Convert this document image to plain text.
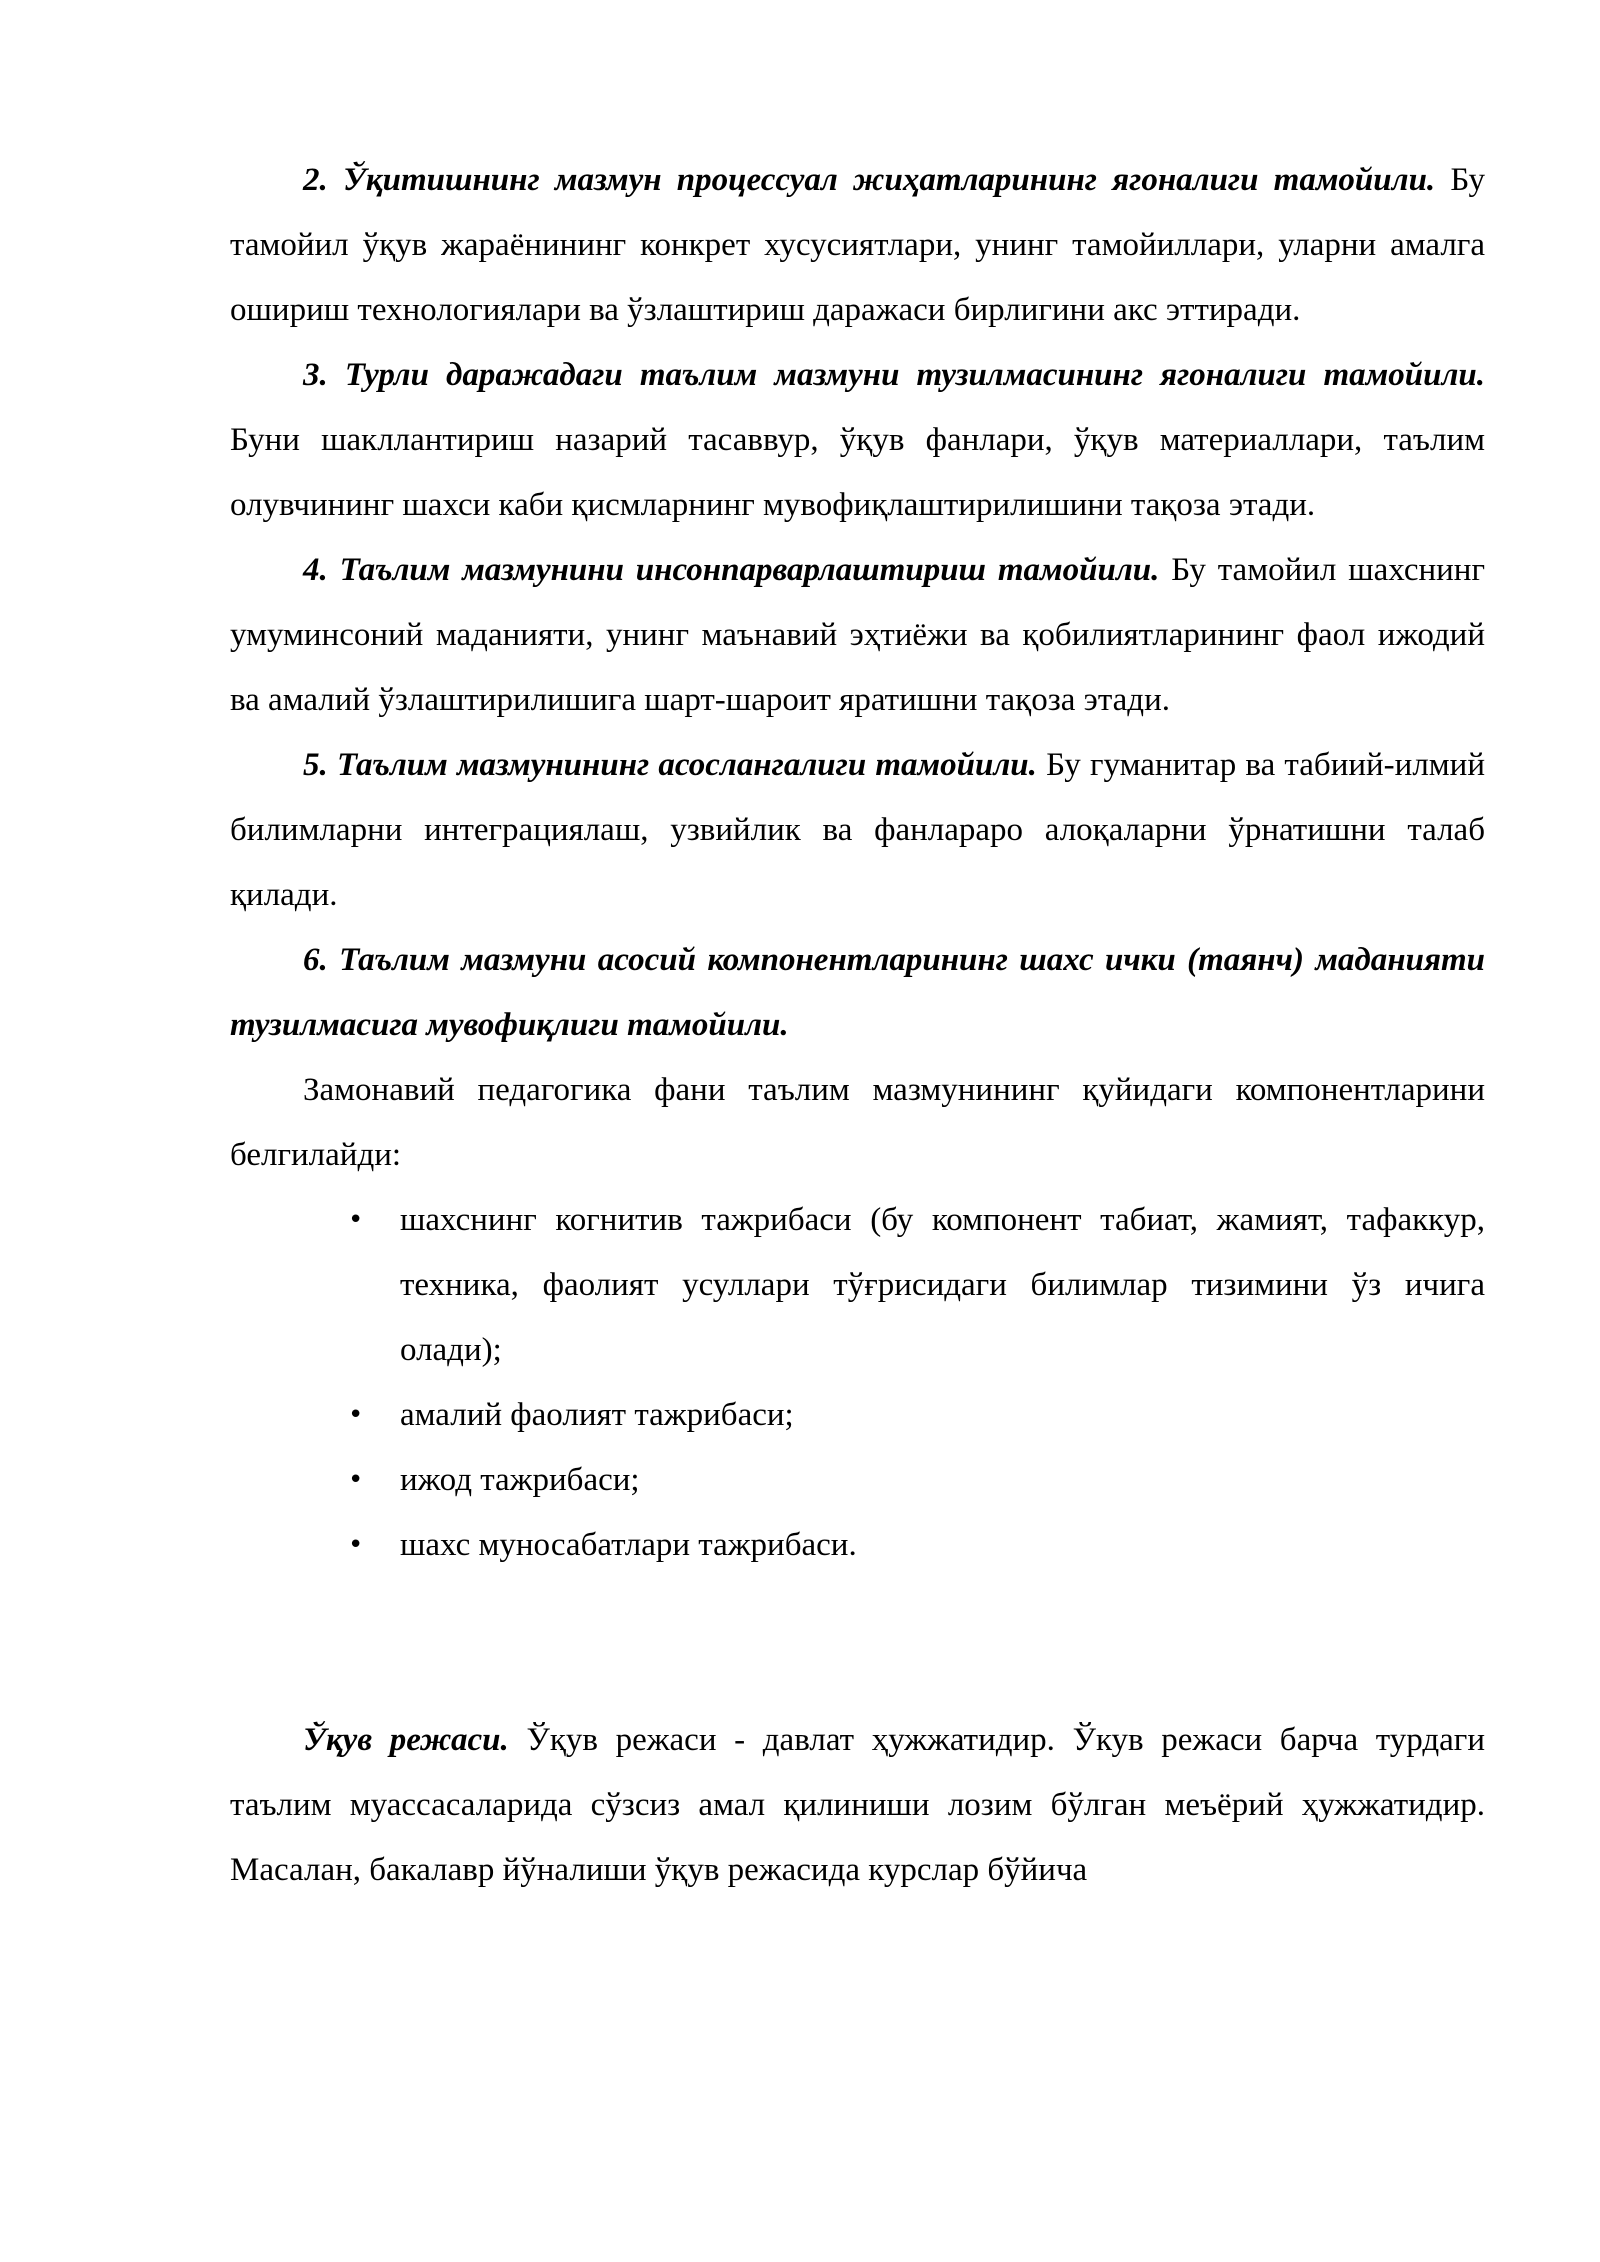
2. Ўқитишнинг мазмун процессуал жиҳатларининг ягоналиги тамойили. Бу тамойил ўқув жараёнининг конкрет хусусиятлари, унинг тамойиллари, уларни амалга ошириш технологиялари ва ўзлаштириш даражаси бирлигини акс эттиради.

3. Турли даражадаги таълим мазмуни тузилмасининг ягоналиги тамойили. Буни шакллантириш назарий тасаввур, ўқув фанлари, ўқув материаллари, таълим олувчининг шахси каби қисмларнинг мувофиқлаштирилишини тақоза этади.

4. Таълим мазмунини инсонпарварлаштириш тамойили. Бу тамойил шахснинг умуминсоний маданияти, унинг маънавий эҳтиёжи ва қобилиятларининг фаол ижодий ва амалий ўзлаштирилишига шарт-шароит яратишни тақоза этади.

5. Таълим мазмунининг асослангалиги тамойили. Бу гуманитар ва табиий-илмий билимларни интеграциялаш, узвийлик ва фанлараро алоқаларни ўрнатишни талаб қилади.

6. Таълим мазмуни асосий компонентларининг шахс ички (таянч) маданияти тузилмасига мувофиқлиги тамойили.

Замонавий педагогика фани таълим мазмунининг қуйидаги компонентларини белгилайди:

• шахснинг когнитив тажрибаси (бу компонент табиат, жамият, тафаккур, техника, фаолият усуллари тўғрисидаги билимлар тизимини ўз ичига олади);
• амалий фаолият тажрибаси;
• ижод тажрибаси;
• шахс муносабатлари тажрибаси.

Ўқув режаси. Ўқув режаси - давлат ҳужжатидир. Ўкув режаси барча турдаги таълим муассасаларида сўзсиз амал қилиниши лозим бўлган меъёрий ҳужжатидир. Масалан, бакалавр йўналиши ўқув режасида курслар бўйича
